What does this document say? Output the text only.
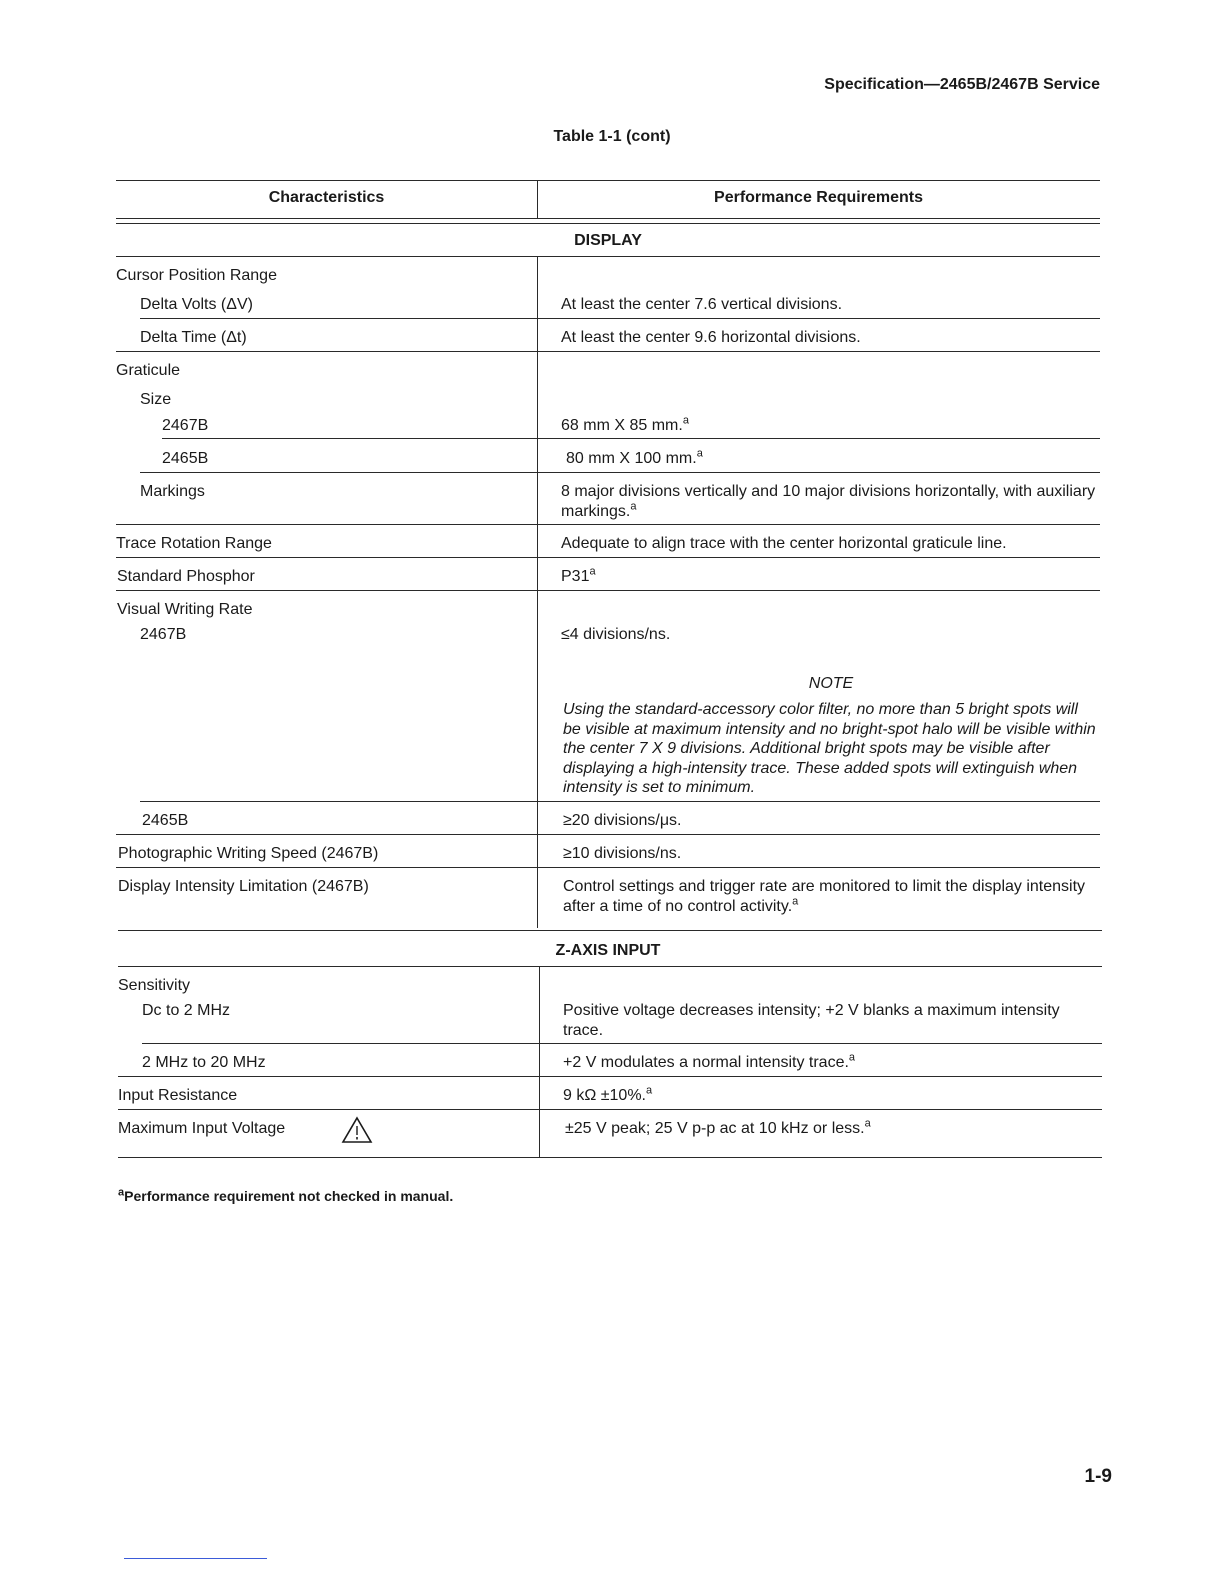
Specification—2465B/2467B Service
Table 1-1 (cont)
Characteristics	Performance Requirements
DISPLAY
Cursor Position Range
Delta Volts (ΔV)	At least the center 7.6 vertical divisions.
Delta Time (Δt)	At least the center 9.6 horizontal divisions.
Graticule
Size
2467B	68 mm X 85 mm.$^a$
2465B	80 mm X 100 mm.$^a$
Markings	8 major divisions vertically and 10 major divisions horizontally, with auxiliary markings.$^a$
Trace Rotation Range	Adequate to align trace with the center horizontal graticule line.
Standard Phosphor	P31$^a$
Visual Writing Rate
2467B	≤4 divisions/ns.
NOTE
Using the standard-accessory color filter, no more than 5 bright spots will be visible at maximum intensity and no bright-spot halo will be visible within the center 7 X 9 divisions. Additional bright spots may be visible after displaying a high-intensity trace. These added spots will extinguish when intensity is set to minimum.
2465B	≥20 divisions/μs.
Photographic Writing Speed (2467B)	≥10 divisions/ns.
Display Intensity Limitation (2467B)	Control settings and trigger rate are monitored to limit the display intensity after a time of no control activity.$^a$
Z-AXIS INPUT
Sensitivity
Dc to 2 MHz	Positive voltage decreases intensity; +2 V blanks a maximum intensity trace.
2 MHz to 20 MHz	+2 V modulates a normal intensity trace.$^a$
Input Resistance	9 kΩ ±10%.$^a$
Maximum Input Voltage	±25 V peak; 25 V p-p ac at 10 kHz or less.$^a$
$^a$Performance requirement not checked in manual.
1-9
